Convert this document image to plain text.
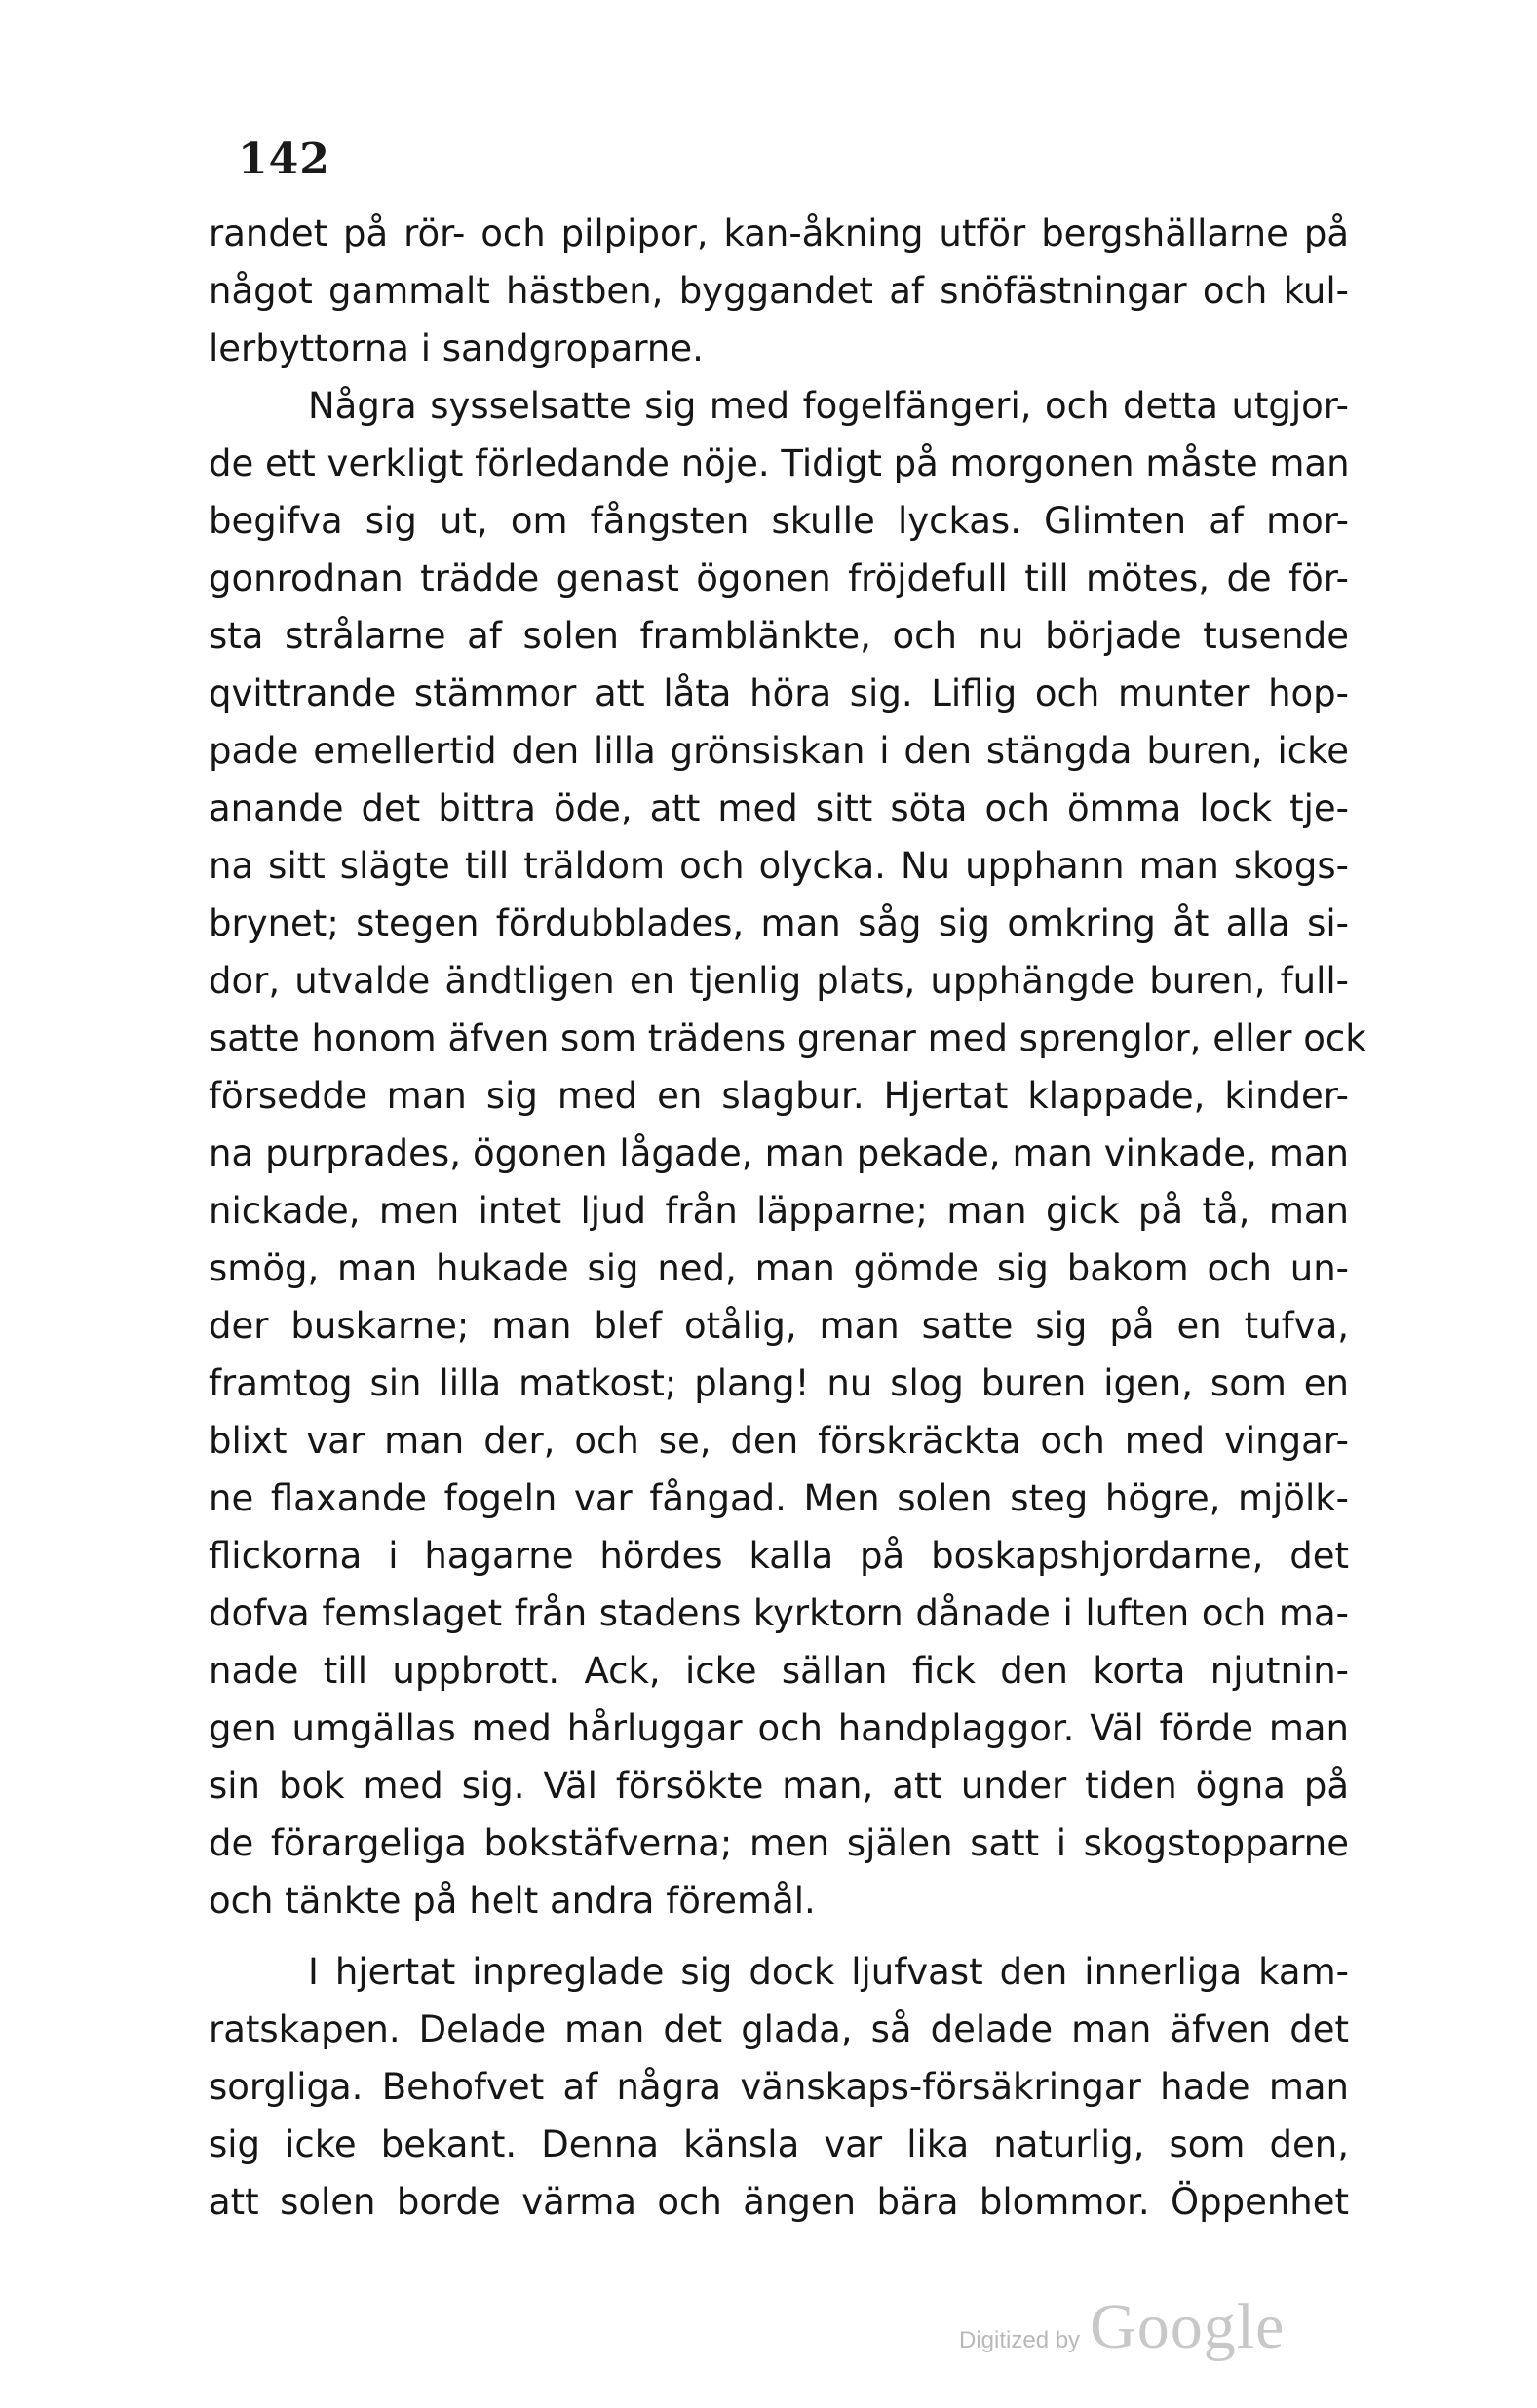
142
randet på rör- och pilpipor, kan-åkning utför bergshällarne på
något gammalt hästben, byggandet af snöfästningar och kul-
lerbyttorna i sandgroparne.
Några sysselsatte sig med fogelfängeri, och detta utgjor-
de ett verkligt förledande nöje. Tidigt på morgonen måste man
begifva sig ut, om fångsten skulle lyckas. Glimten af mor-
gonrodnan trädde genast ögonen fröjdefull till mötes, de för-
sta strålarne af solen framblänkte, och nu började tusende
qvittrande stämmor att låta höra sig. Liflig och munter hop-
pade emellertid den lilla grönsiskan i den stängda buren, icke
anande det bittra öde, att med sitt söta och ömma lock tje-
na sitt slägte till träldom och olycka. Nu upphann man skogs-
brynet; stegen fördubblades, man såg sig omkring åt alla si-
dor, utvalde ändtligen en tjenlig plats, upphängde buren, full-
satte honom äfven som trädens grenar med sprenglor, eller ock
försedde man sig med en slagbur. Hjertat klappade, kinder-
na purprades, ögonen lågade, man pekade, man vinkade, man
nickade, men intet ljud från läpparne; man gick på tå, man
smög, man hukade sig ned, man gömde sig bakom och un-
der buskarne; man blef otålig, man satte sig på en tufva,
framtog sin lilla matkost; plang! nu slog buren igen, som en
blixt var man der, och se, den förskräckta och med vingar-
ne flaxande fogeln var fångad. Men solen steg högre, mjölk-
flickorna i hagarne hördes kalla på boskapshjordarne, det
dofva femslaget från stadens kyrktorn dånade i luften och ma-
nade till uppbrott. Ack, icke sällan fick den korta njutnin-
gen umgällas med hårluggar och handplaggor. Väl förde man
sin bok med sig. Väl försökte man, att under tiden ögna på
de förargeliga bokstäfverna; men själen satt i skogstopparne
och tänkte på helt andra föremål.
I hjertat inpreglade sig dock ljufvast den innerliga kam-
ratskapen. Delade man det glada, så delade man äfven det
sorgliga. Behofvet af några vänskaps-försäkringar hade man
sig icke bekant. Denna känsla var lika naturlig, som den,
att solen borde värma och ängen bära blommor. Öppenhet
Digitized by Google
